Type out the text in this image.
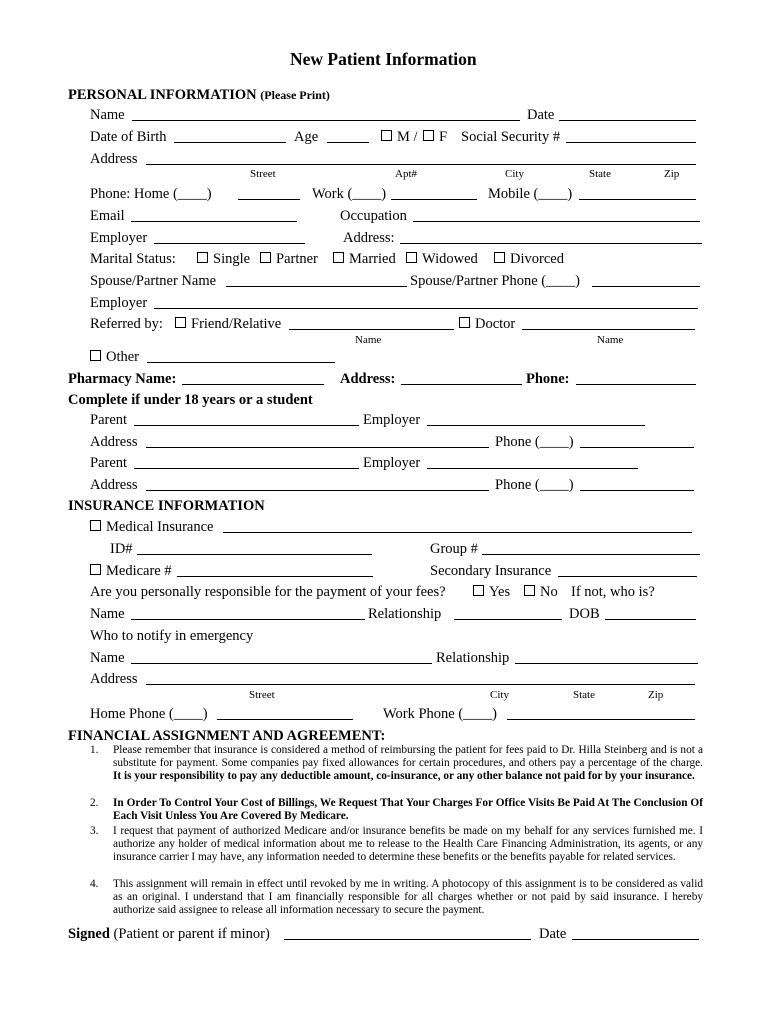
New Patient Information
PERSONAL INFORMATION (Please Print)
Name	Date
Date of Birth	Age	M /	F Social Security #
Address
Street	Apt#	City	State	Zip
Phone: Home (____)	Work (____)	Mobile (____)
Email	Occupation
Employer	Address:
Marital Status:	Single	Partner	Married	Widowed	Divorced
Spouse/Partner Name	Spouse/Partner Phone (____)
Employer
Referred by:	Friend/Relative	Doctor
Name	Name
Other
Pharmacy Name:	Address:	Phone:
Complete if under 18 years or a student
Parent	Employer
Address	Phone (____)
Parent	Employer
Address	Phone (____)
INSURANCE INFORMATION
Medical Insurance
ID#	Group #
Medicare #	Secondary Insurance
Are you personally responsible for the payment of your fees?	Yes	No If not, who is?
Name	Relationship	DOB
Who to notify in emergency
Name	Relationship
Address
Street	City	State	Zip
Home Phone (____)	Work Phone (____)
FINANCIAL ASSIGNMENT AND AGREEMENT:
1. Please remember that insurance is considered a method of reimbursing the patient for fees paid to Dr. Hilla Steinberg and is not a substitute for payment. Some companies pay fixed allowances for certain procedures, and others pay a percentage of the charge. It is your responsibility to pay any deductible amount, co-insurance, or any other balance not paid for by your insurance.
2. In Order To Control Your Cost of Billings, We Request That Your Charges For Office Visits Be Paid At The Conclusion Of Each Visit Unless You Are Covered By Medicare.
3. I request that payment of authorized Medicare and/or insurance benefits be made on my behalf for any services furnished me. I authorize any holder of medical information about me to release to the Health Care Financing Administration, its agents, or any insurance carrier I may have, any information needed to determine these benefits or the benefits payable for related services.
4. This assignment will remain in effect until revoked by me in writing. A photocopy of this assignment is to be considered as valid as an original. I understand that I am financially responsible for all charges whether or not paid by said insurance. I hereby authorize said assignee to release all information necessary to secure the payment.
Signed (Patient or parent if minor)	Date
